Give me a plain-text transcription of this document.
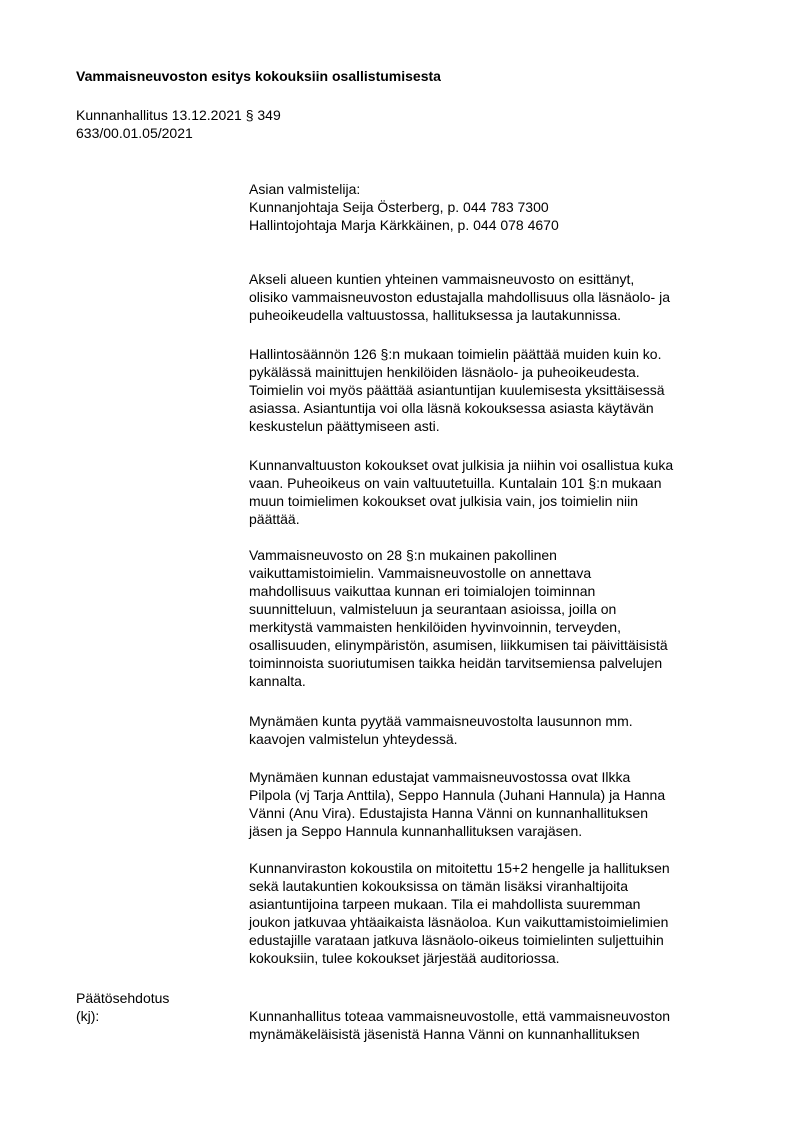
Vammaisneuvoston esitys kokouksiin osallistumisesta
Kunnanhallitus 13.12.2021 § 349
633/00.01.05/2021
Asian valmistelija:
Kunnanjohtaja Seija Österberg, p. 044 783 7300
Hallintojohtaja Marja Kärkkäinen, p. 044 078 4670
Akseli alueen kuntien yhteinen vammaisneuvosto on esittänyt,
olisiko vammaisneuvoston edustajalla mahdollisuus olla läsnäolo- ja
puheoikeudella valtuustossa, hallituksessa ja lautakunnissa.
Hallintosäännön 126 §:n mukaan toimielin päättää muiden kuin ko.
pykälässä mainittujen henkilöiden läsnäolo- ja puheoikeudesta.
Toimielin voi myös päättää asiantuntijan kuulemisesta yksittäisessä
asiassa. Asiantuntija voi olla läsnä kokouksessa asiasta käytävän
keskustelun päättymiseen asti.
Kunnanvaltuuston kokoukset ovat julkisia ja niihin voi osallistua kuka
vaan. Puheoikeus on vain valtuutetuilla. Kuntalain 101 §:n mukaan
muun toimielimen kokoukset ovat julkisia vain, jos toimielin niin
päättää.
Vammaisneuvosto on 28 §:n mukainen pakollinen
vaikuttamistoimielin. Vammaisneuvostolle on annettava
mahdollisuus vaikuttaa kunnan eri toimialojen toiminnan
suunnitteluun, valmisteluun ja seurantaan asioissa, joilla on
merkitystä vammaisten henkilöiden hyvinvoinnin, terveyden,
osallisuuden, elinympäristön, asumisen, liikkumisen tai päivittäisistä
toiminnoista suoriutumisen taikka heidän tarvitsemiensa palvelujen
kannalta.
Mynämäen kunta pyytää vammaisneuvostolta lausunnon mm.
kaavojen valmistelun yhteydessä.
Mynämäen kunnan edustajat vammaisneuvostossa ovat Ilkka
Pilpola (vj Tarja Anttila), Seppo Hannula (Juhani Hannula) ja Hanna
Vänni (Anu Vira). Edustajista Hanna Vänni on kunnanhallituksen
jäsen ja Seppo Hannula kunnanhallituksen varajäsen.
Kunnanviraston kokoustila on mitoitettu 15+2 hengelle ja hallituksen
sekä lautakuntien kokouksissa on tämän lisäksi viranhaltijoita
asiantuntijoina tarpeen mukaan. Tila ei mahdollista suuremman
joukon jatkuvaa yhtäaikaista läsnäoloa. Kun vaikuttamistoimielimien
edustajille varataan jatkuva läsnäolo-oikeus toimielinten suljettuihin
kokouksiin, tulee kokoukset järjestää auditoriossa.
Päätösehdotus
(kj):	Kunnanhallitus toteaa vammaisneuvostolle, että vammaisneuvoston
mynämäkeläisistä jäsenistä Hanna Vänni on kunnanhallituksen
